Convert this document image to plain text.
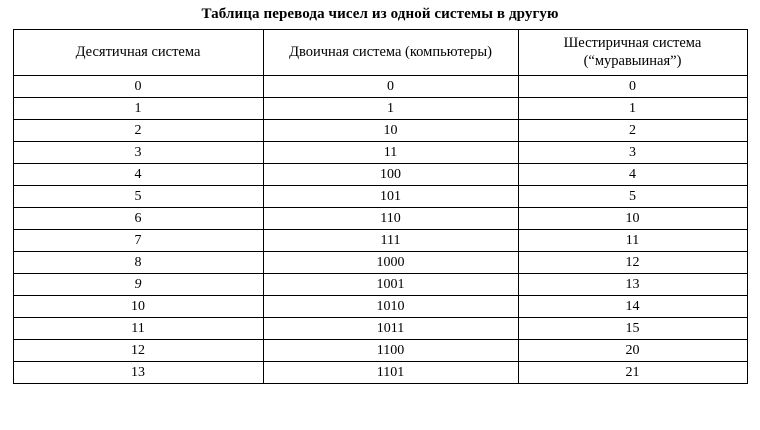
Таблица перевода чисел из одной системы в другую
Десятичная система	Двоичная система (компьютеры)	Шестиричная система (“муравыиная”)
0	0	0
1	1	1
2	10	2
3	11	3
4	100	4
5	101	5
6	110	10
7	111	11
8	1000	12
9	1001	13
10	1010	14
11	1011	15
12	1100	20
13	1101	21
